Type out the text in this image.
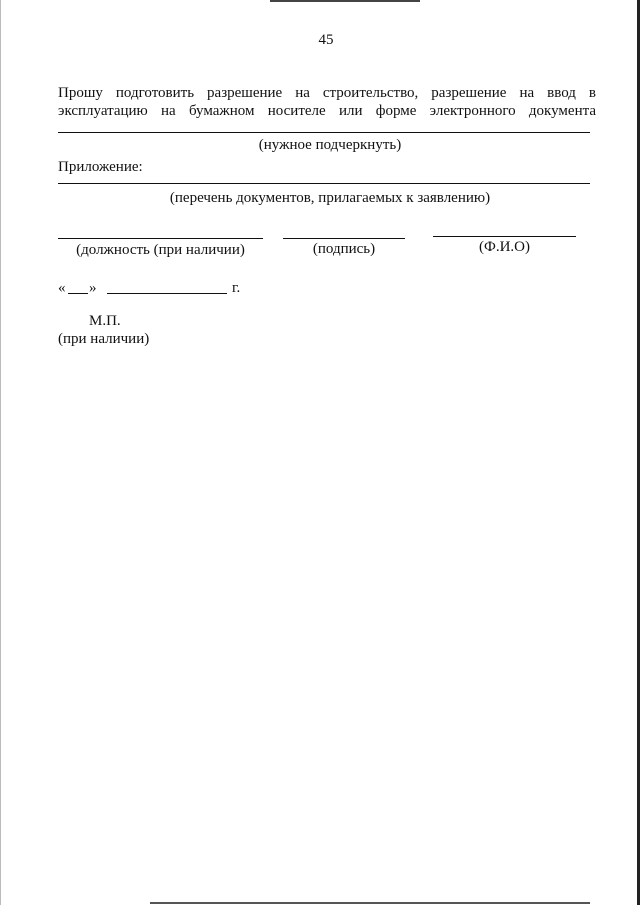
45
Прошу подготовить разрешение на строительство, разрешение на ввод в
эксплуатацию на бумажном носителе или форме электронного документа
(нужное подчеркнуть)
Приложение:
(перечень документов, прилагаемых к заявлению)
(должность (при наличии)	(подпись)	(Ф.И.О)
« »	г.
М.П.
(при наличии)
